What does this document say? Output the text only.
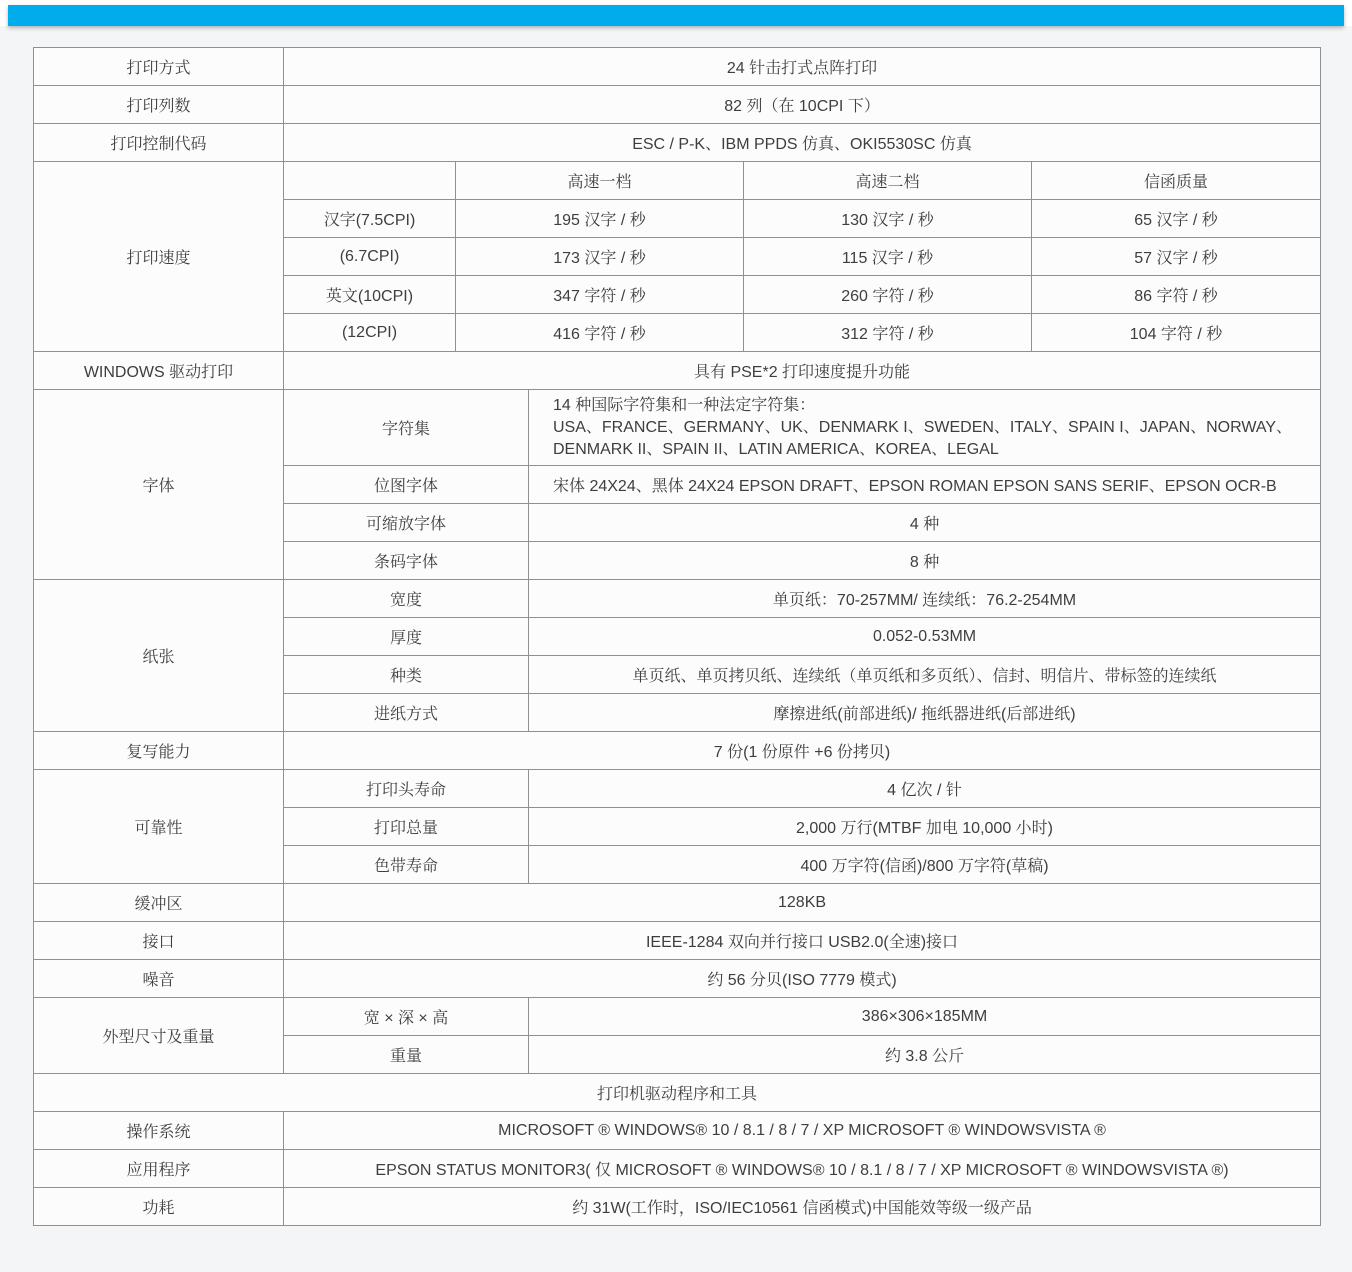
打印方式	24 针击打式点阵打印				
打印列数	82 列（在 10CPI 下）				
打印控制代码	ESC / P-K、IBM PPDS 仿真、OKI5530SC 仿真				
打印速度		高速一档		高速二档	信函质量
	汉字(7.5CPI)	195 汉字 / 秒		130 汉字 / 秒	65 汉字 / 秒
	(6.7CPI)	173 汉字 / 秒		115 汉字 / 秒	57 汉字 / 秒
	英文(10CPI)	347 字符 / 秒		260 字符 / 秒	86 字符 / 秒
	(12CPI)	416 字符 / 秒		312 字符 / 秒	104 字符 / 秒
WINDOWS 驱动打印	具有 PSE*2 打印速度提升功能				
字体	字符集		14 种国际字符集和一种法定字符集：
USA、FRANCE、GERMANY、UK、DENMARK I、SWEDEN、ITALY、SPAIN I、JAPAN、NORWAY、
DENMARK II、SPAIN II、LATIN AMERICA、KOREA、LEGAL		

	位图字体		宋体 24X24、黑体 24X24 EPSON DRAFT、EPSON ROMAN EPSON SANS SERIF、EPSON OCR-B		
	可缩放字体		4 种		
	条码字体		8 种		
纸张	宽度		单页纸：70-257MM/ 连续纸：76.2-254MM		
	厚度		0.052-0.53MM		
	种类		单页纸、单页拷贝纸、连续纸（单页纸和多页纸）、信封、明信片、带标签的连续纸		
	进纸方式		摩擦进纸(前部进纸)/ 拖纸器进纸(后部进纸)		
复写能力	7 份(1 份原件 +6 份拷贝)				
可靠性	打印头寿命		4 亿次 / 针		
	打印总量		2,000 万行(MTBF 加电 10,000 小时)		
	色带寿命		400 万字符(信函)/800 万字符(草稿)		
缓冲区	128KB				
接口	IEEE-1284 双向并行接口 USB2.0(全速)接口				
噪音	约 56 分贝(ISO 7779 模式)				
外型尺寸及重量	宽 × 深 × 高		386×306×185MM		
	重量		约 3.8 公斤		
打印机驱动程序和工具					
操作系统	MICROSOFT ® WINDOWS® 10 / 8.1 / 8 / 7 / XP MICROSOFT ® WINDOWSVISTA ®				
应用程序	EPSON STATUS MONITOR3( 仅 MICROSOFT ® WINDOWS® 10 / 8.1 / 8 / 7 / XP MICROSOFT ® WINDOWSVISTA ®)				
功耗	约 31W(工作时，ISO/IEC10561 信函模式)中国能效等级一级产品				
